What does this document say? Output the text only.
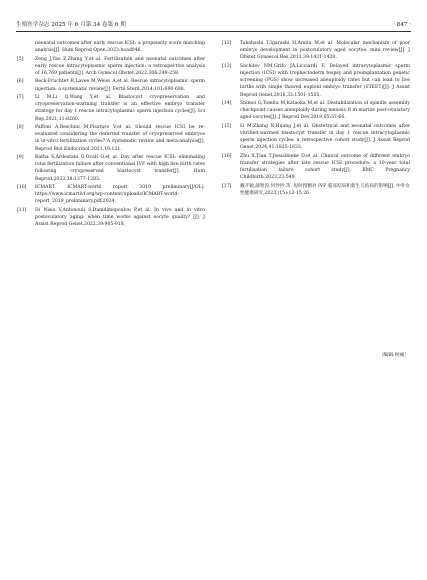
生殖医学杂志 2025 年 6 月第 34 卷第 6 期	· 847 ·
neonatal outcomes after early rescue ICSI: a propensity score matching analysis[J]. Hum Reprod Open,2023:hoad046.
[5]	Zeng J,Yao Z,Zhang Y,et al. Fertilization and neonatal outcomes after early rescue intracytoplasmic sperm injection: a retrospective analysis of 16,769 patients[J]. Arch Gynecol Obstet,2022,306:249-258.
[6]	Beck-Fruchter R,Lavee M,Weiss A,et al. Rescue intracytoplasmic sperm injection: a systematic review[J]. Fertil Steril,2014,101:690-698.
[7]	Li M,Li Q,Wang Y,et al. Blastocyst cryopreservation and cryopreservation-warming transfer is an effective embryo transfer strategy for day 1 rescue intracytoplasmic sperm injection cycles[J]. Sci Rep,2021,11:8260.
[8]	Paffoni A,Reschini M,Pisaturo V,et al. Should rescue ICSI be re-evaluated considering the deferred transfer of cryopreserved embryos in in-vitro fertilization cycles? A systematic review and meta-analysis[J]. Reprod Biol Endocrinol,2021,19:121.
[9]	Batha S,Ardestani G,Ocali O,et al. Day after rescue ICSI: eliminating total fertilization failure after conventional IVF with high live birth rates following cryopreserved blastocyst transfer[J]. Hum Reprod,2023,38:1277-1283.
[10]	ICMART. ICMART-world report 2019 preliminary[J/OL]. https://www.icmartivf.org/wp-content/uploads/ICMART-world-report_2019_preliminary.pdf,2024.
[11]	Di Nisio V,Antonouli S,Damdimopoulou P,et al. In vivo and in vitro postovulatory aging: when time works against oocyte quality? [J]. J Assist Reprod Genet,2022,39:905-918.
[12]	Takahashi T,Igarashi H,Amita M,et al. Molecular mechanism of poor embryo development in postovulatory aged oocytes: mini review[J]. J Obstet Gynaecol Res,2013,39:1431-1439.
[13]	Sachdev NM,Grifo JA,Licciardi F. Delayed intracytoplasmic sperm injection (ICSI) with trophectoderm biopsy and preimplantation genetic screening (PGS) show increased aneuploidy rates but can lead to live births with single thawed euploid embryo transfer (STEET)[J]. J Assist Reprod Genet,2016,33:1501-1505.
[14]	Shimoi G,Tomita M,Kataoka M,et al. Destabilization of spindle assembly checkpoint causes aneuploidy during meiosis II in murine post-ovulatory aged oocytes[J]. J Reprod Dev,2019,65:57-66.
[15]	Li M,Zhang N,Huang J,et al. Obstetrical and neonatal outcomes after vitrified-warmed blastocyst transfer in day 1 rescue intracytoplasmic sperm injection cycles: a retrospective cohort study[J]. J Assist Reprod Genet,2024,41:1825-1833.
[16]	Zhu X,Tian T,Jiesisibieke D,et al. Clinical outcome of different embryo transfer strategies after late rescue ICSI procedure: a 10-year total fertilisation failure cohort study[J]. BMC Pregnancy Childbirth,2023,23:549.
[17]	戴开颖,薛智涛,何抄抄,等. 短时授精对 IVF 临床结局和新生儿结局的影响[J]. 中外女性健康研究,2023,(15):12-15,26.
［编辑:侯丽］
